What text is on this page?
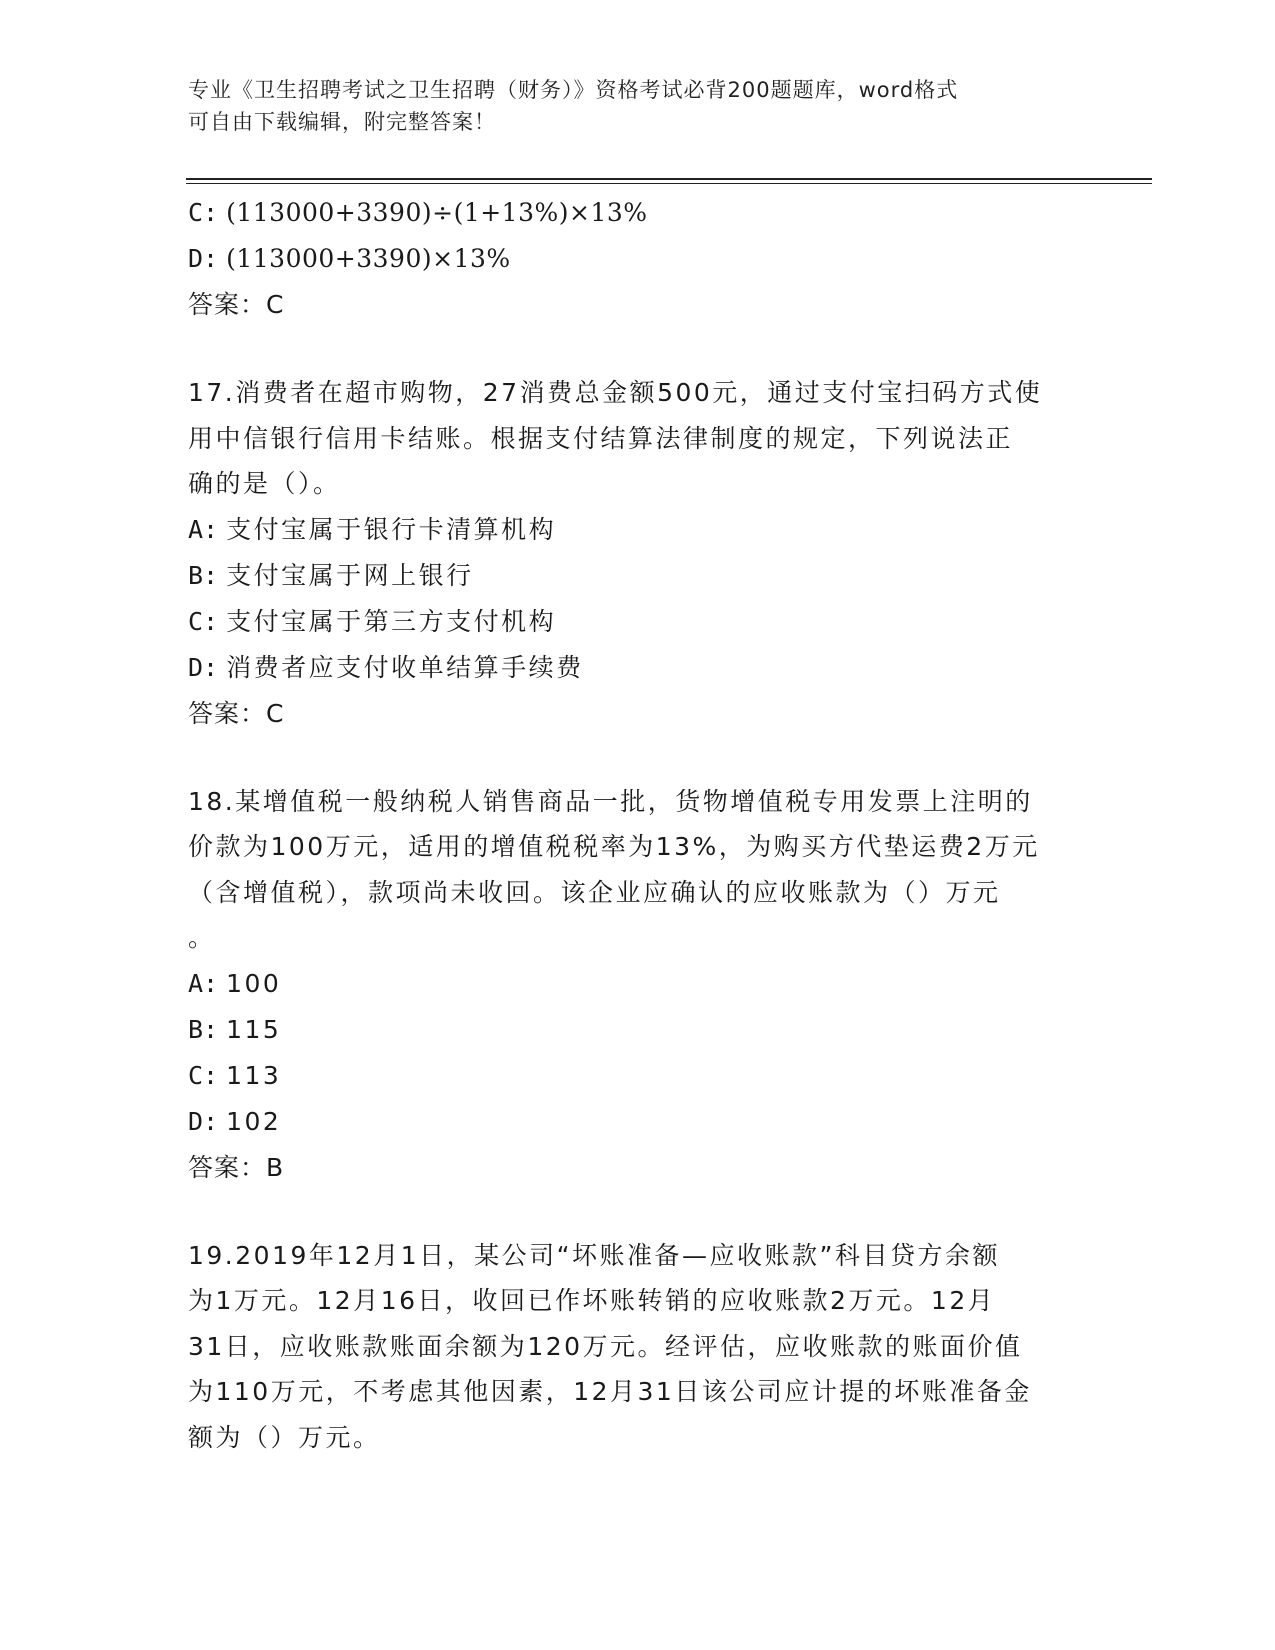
专业《卫生招聘考试之卫生招聘（财务）》资格考试必背200题题库，word格式
可自由下载编辑，附完整答案！
C: (113000+3390)÷(1+13%)×13%
D: (113000+3390)×13%
答案：C
17.消费者在超市购物，27消费总金额500元，通过支付宝扫码方式使
用中信银行信用卡结账。根据支付结算法律制度的规定，下列说法正
确的是（）。
A: 支付宝属于银行卡清算机构
B: 支付宝属于网上银行
C: 支付宝属于第三方支付机构
D: 消费者应支付收单结算手续费
答案：C
18.某增值税一般纳税人销售商品一批，货物增值税专用发票上注明的
价款为100万元，适用的增值税税率为13%，为购买方代垫运费2万元
（含增值税），款项尚未收回。该企业应确认的应收账款为（）万元
。
A: 100
B: 115
C: 113
D: 102
答案：B
19.2019年12月1日，某公司“坏账准备—应收账款”科目贷方余额
为1万元。12月16日，收回已作坏账转销的应收账款2万元。12月
31日，应收账款账面余额为120万元。经评估，应收账款的账面价值
为110万元，不考虑其他因素，12月31日该公司应计提的坏账准备金
额为（）万元。
